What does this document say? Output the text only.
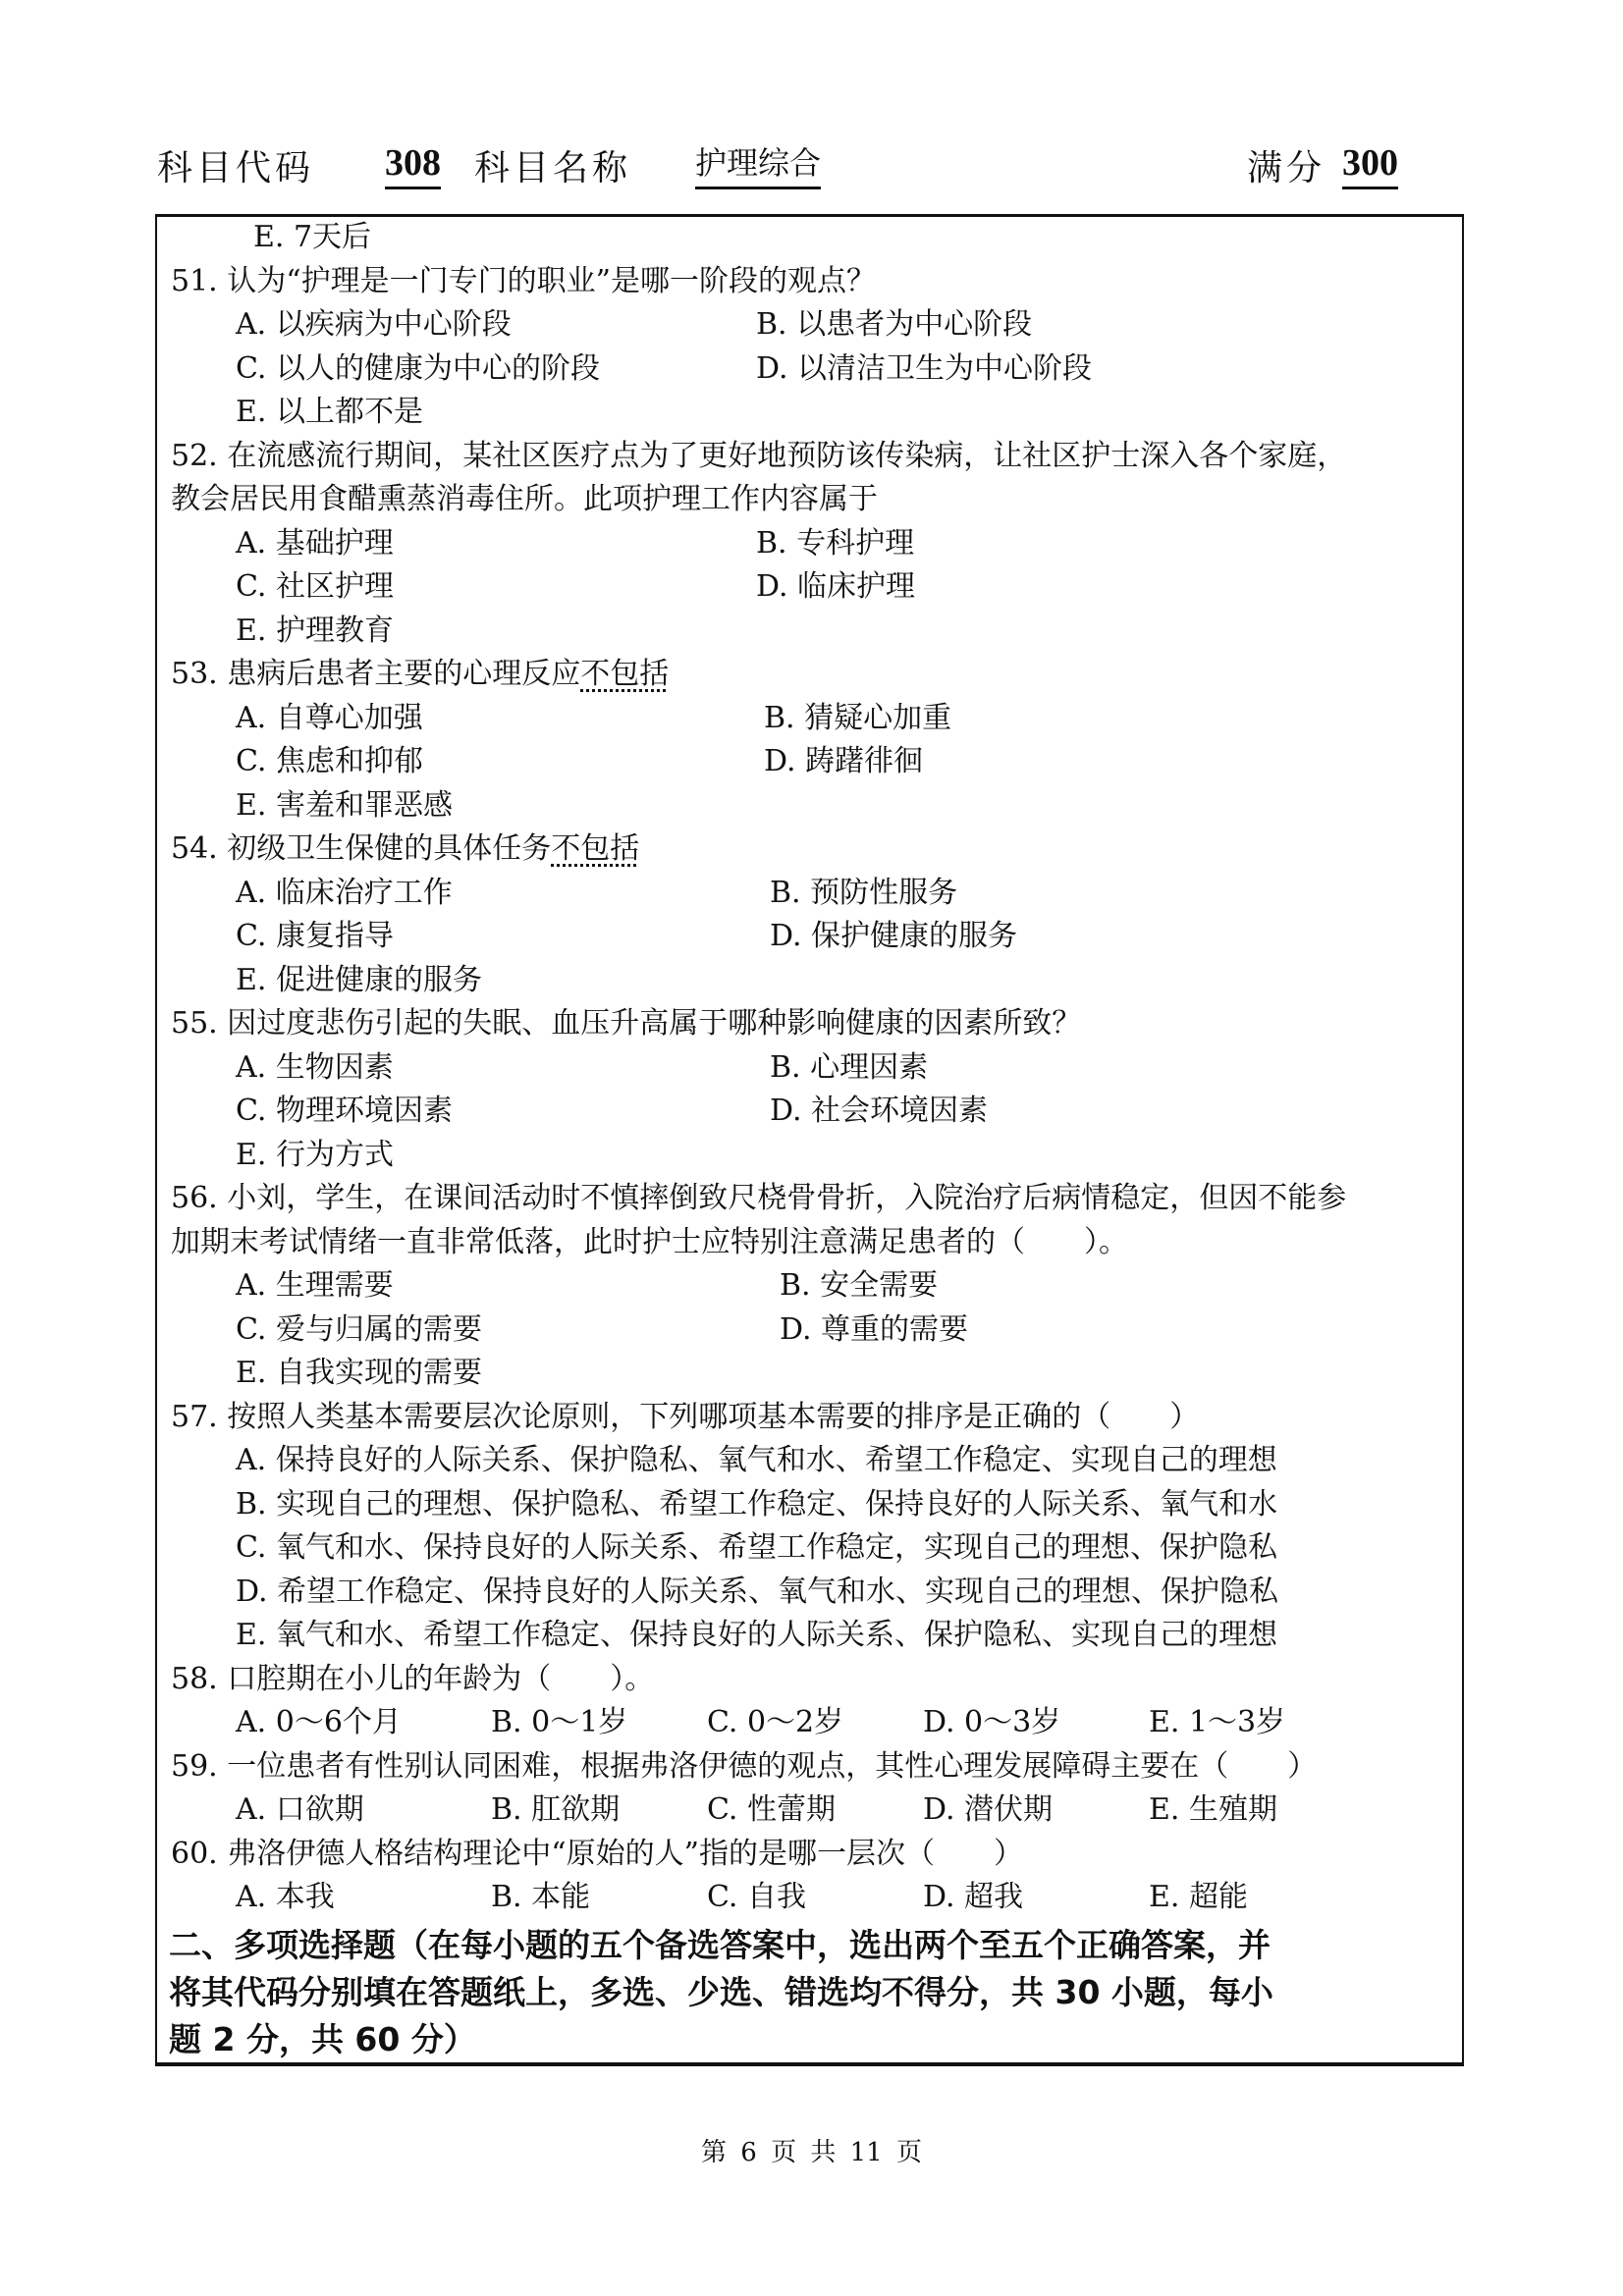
科目代码 308 科目名称 护理综合	满分 300
E. 7天后
51. 认为“护理是一门专门的职业”是哪一阶段的观点？
A. 以疾病为中心阶段	B. 以患者为中心阶段
C. 以人的健康为中心的阶段	D. 以清洁卫生为中心阶段
E. 以上都不是
52. 在流感流行期间，某社区医疗点为了更好地预防该传染病，让社区护士深入各个家庭，
教会居民用食醋熏蒸消毒住所。此项护理工作内容属于
A. 基础护理	B. 专科护理
C. 社区护理	D. 临床护理
E. 护理教育
53. 患病后患者主要的心理反应不包括
A. 自尊心加强	B. 猜疑心加重
C. 焦虑和抑郁	D. 踌躇徘徊
E. 害羞和罪恶感
54. 初级卫生保健的具体任务不包括
A. 临床治疗工作	B. 预防性服务
C. 康复指导	D. 保护健康的服务
E. 促进健康的服务
55. 因过度悲伤引起的失眠、血压升高属于哪种影响健康的因素所致？
A. 生物因素	B. 心理因素
C. 物理环境因素	D. 社会环境因素
E. 行为方式
56. 小刘，学生，在课间活动时不慎摔倒致尺桡骨骨折，入院治疗后病情稳定，但因不能参
加期末考试情绪一直非常低落，此时护士应特别注意满足患者的（　　）。
A. 生理需要	B. 安全需要
C. 爱与归属的需要	D. 尊重的需要
E. 自我实现的需要
57. 按照人类基本需要层次论原则，下列哪项基本需要的排序是正确的（　　）
A. 保持良好的人际关系、保护隐私、氧气和水、希望工作稳定、实现自己的理想
B. 实现自己的理想、保护隐私、希望工作稳定、保持良好的人际关系、氧气和水
C. 氧气和水、保持良好的人际关系、希望工作稳定，实现自己的理想、保护隐私
D. 希望工作稳定、保持良好的人际关系、氧气和水、实现自己的理想、保护隐私
E. 氧气和水、希望工作稳定、保持良好的人际关系、保护隐私、实现自己的理想
58. 口腔期在小儿的年龄为（　　）。
A. 0～6个月	B. 0～1岁	C. 0～2岁	D. 0～3岁	E. 1～3岁
59. 一位患者有性别认同困难，根据弗洛伊德的观点，其性心理发展障碍主要在（　　）
A. 口欲期	B. 肛欲期	C. 性蕾期	D. 潜伏期	E. 生殖期
60. 弗洛伊德人格结构理论中“原始的人”指的是哪一层次（　　）
A. 本我	B. 本能	C. 自我	D. 超我	E. 超能
二、多项选择题（在每小题的五个备选答案中，选出两个至五个正确答案，并
将其代码分别填在答题纸上，多选、少选、错选均不得分，共 30 小题，每小
题 2 分，共 60 分）
第 6 页 共 11 页
